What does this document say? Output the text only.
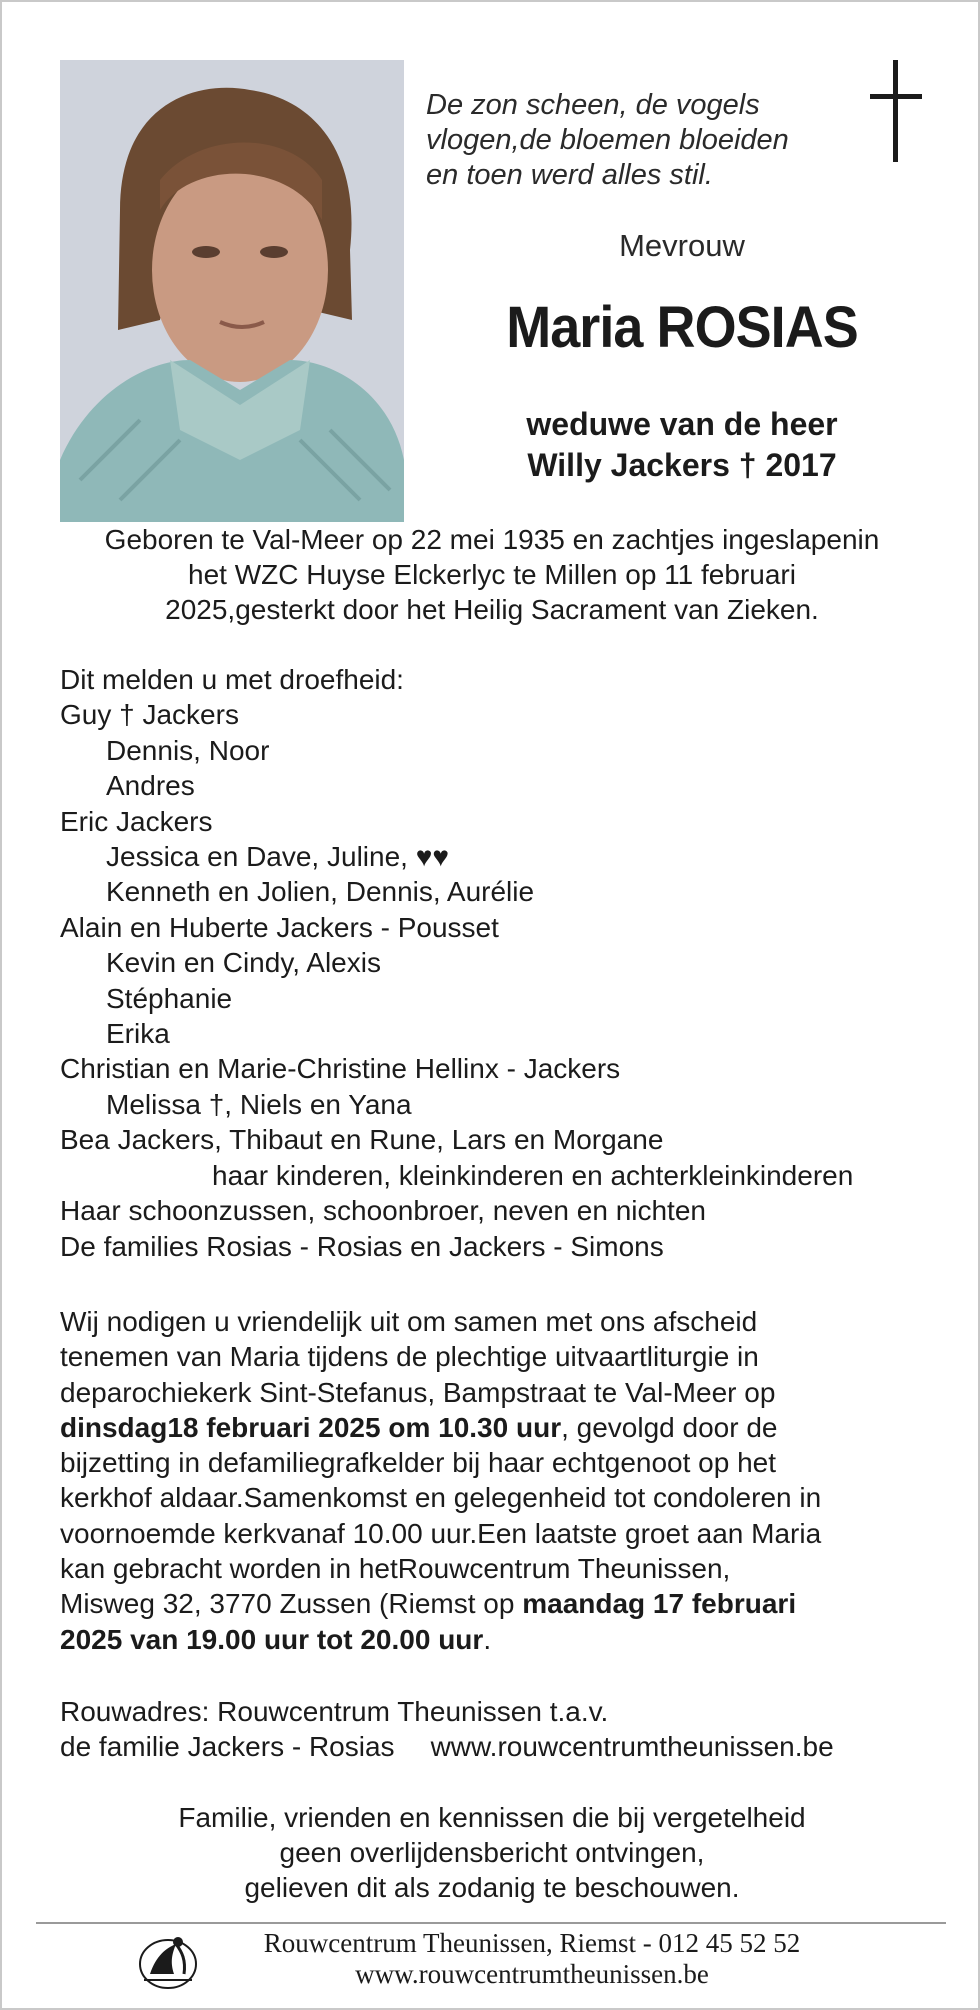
De zon scheen, de vogels
vlogen,de bloemen bloeiden
en toen werd alles stil.
Mevrouw
Maria ROSIAS
weduwe van de heer
Willy Jackers † 2017
Geboren te Val-Meer op 22 mei 1935 en zachtjes ingeslapenin
het WZC Huyse Elckerlyc te Millen op 11 februari
2025,gesterkt door het Heilig Sacrament van Zieken.
Dit melden u met droefheid:
Guy † Jackers
Dennis, Noor
Andres
Eric Jackers
Jessica en Dave, Juline, ♥♥
Kenneth en Jolien, Dennis, Aurélie
Alain en Huberte Jackers - Pousset
Kevin en Cindy, Alexis
Stéphanie
Erika
Christian en Marie-Christine Hellinx - Jackers
Melissa †, Niels en Yana
Bea Jackers, Thibaut en Rune, Lars en Morgane
haar kinderen, kleinkinderen en achterkleinkinderen
Haar schoonzussen, schoonbroer, neven en nichten
De families Rosias - Rosias en Jackers - Simons
Wij nodigen u vriendelijk uit om samen met ons afscheid
tenemen van Maria tijdens de plechtige uitvaartliturgie in
deparochiekerk Sint-Stefanus, Bampstraat te Val-Meer op
dinsdag18 februari 2025 om 10.30 uur, gevolgd door de
bijzetting in defamiliegrafkelder bij haar echtgenoot op het
kerkhof aldaar.Samenkomst en gelegenheid tot condoleren in
voornoemde kerkvanaf 10.00 uur.Een laatste groet aan Maria
kan gebracht worden in hetRouwcentrum Theunissen,
Misweg 32, 3770 Zussen (Riemst op maandag 17 februari
2025 van 19.00 uur tot 20.00 uur.
Rouwadres: Rouwcentrum Theunissen t.a.v.
de familie Jackers - Rosias www.rouwcentrumtheunissen.be
Familie, vrienden en kennissen die bij vergetelheid
geen overlijdensbericht ontvingen,
gelieven dit als zodanig te beschouwen.
Rouwcentrum Theunissen, Riemst - 012 45 52 52
www.rouwcentrumtheunissen.be
